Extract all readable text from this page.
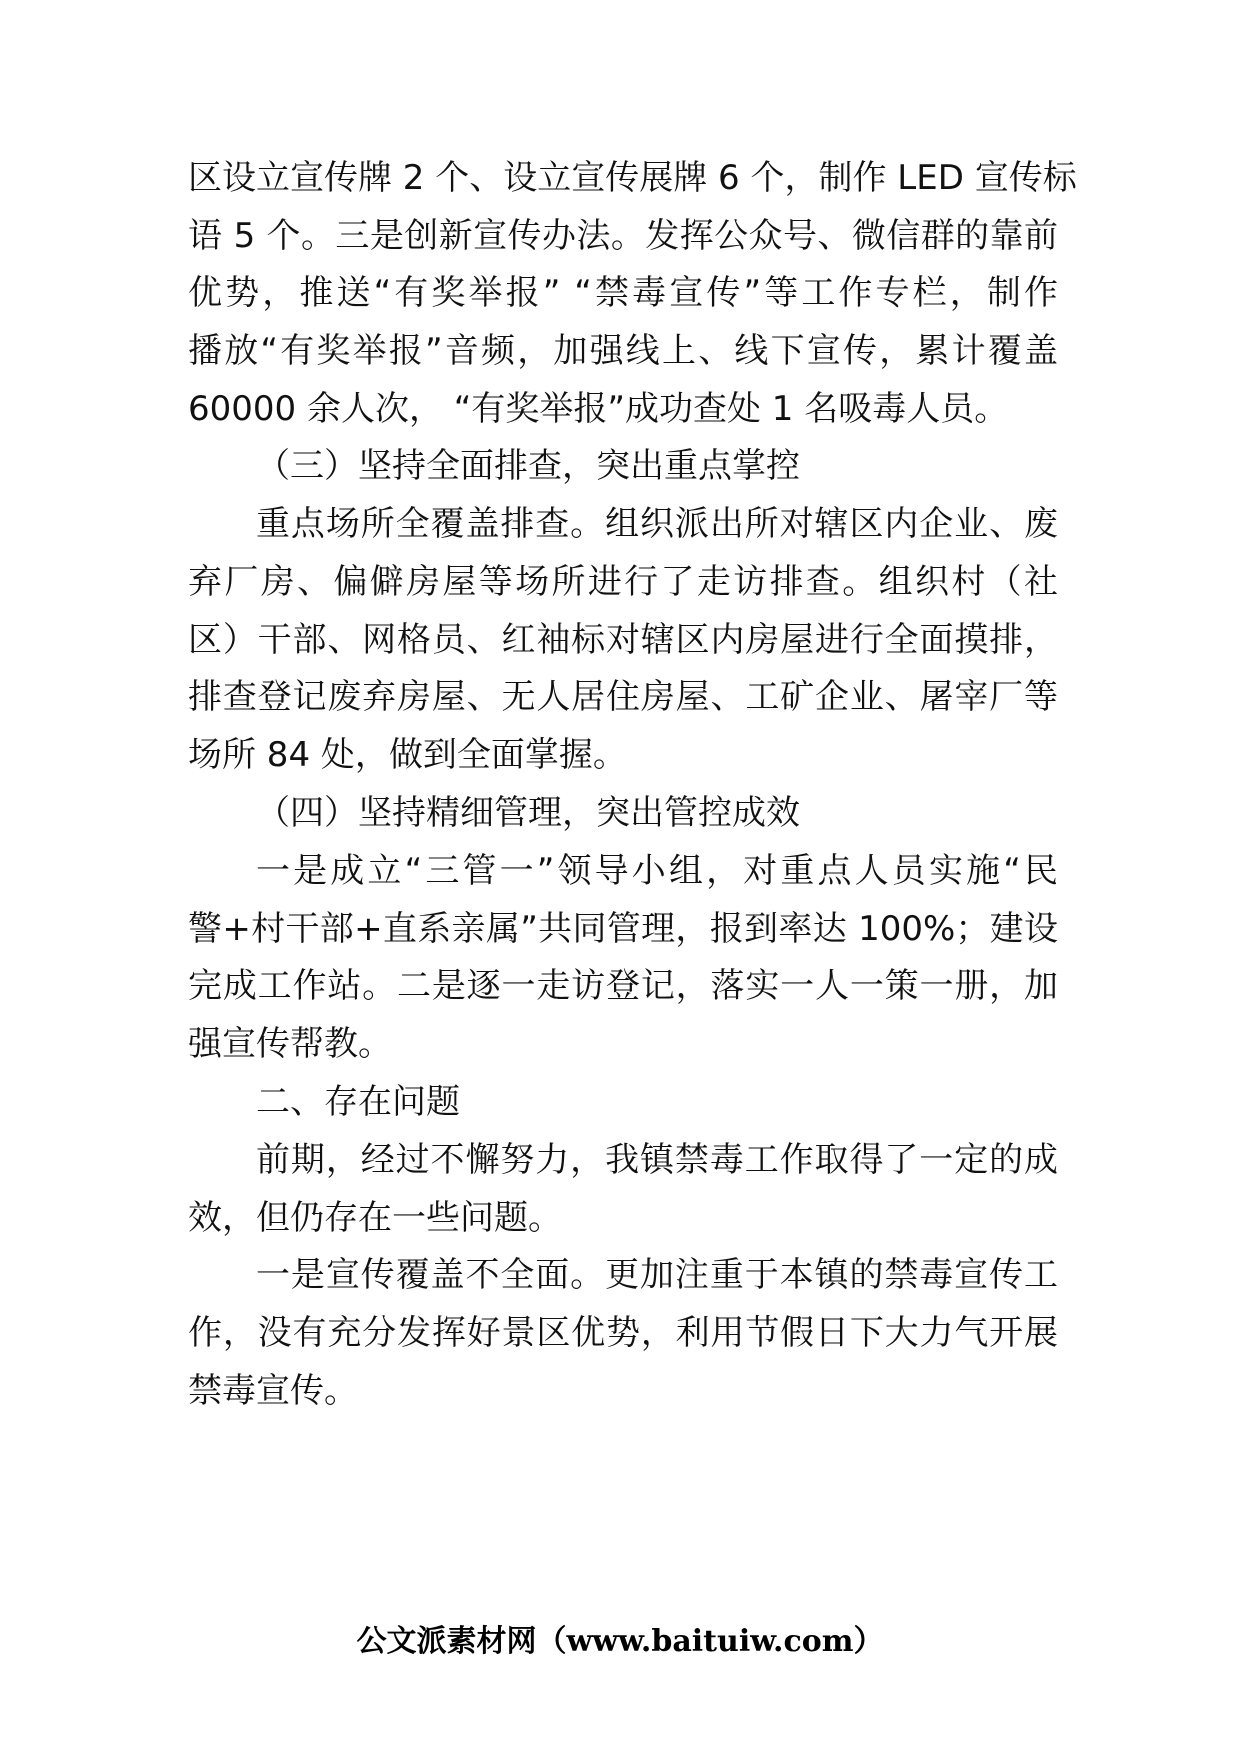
区设立宣传牌 2 个、设立宣传展牌 6 个，制作 LED 宣传标
语 5 个。三是创新宣传办法。发挥公众号、微信群的靠前
优势，推送“有奖举报” “禁毒宣传”等工作专栏，制作
播放“有奖举报”音频，加强线上、线下宣传，累计覆盖
60000 余人次， “有奖举报”成功查处 1 名吸毒人员。
（三）坚持全面排查，突出重点掌控
重点场所全覆盖排查。组织派出所对辖区内企业、废
弃厂房、偏僻房屋等场所进行了走访排查。组织村（社
区）干部、网格员、红袖标对辖区内房屋进行全面摸排，
排查登记废弃房屋、无人居住房屋、工矿企业、屠宰厂等
场所 84 处，做到全面掌握。
（四）坚持精细管理，突出管控成效
一是成立“三管一”领导小组，对重点人员实施“民
警+村干部+直系亲属”共同管理，报到率达 100%；建设
完成工作站。二是逐一走访登记，落实一人一策一册，加
强宣传帮教。
二、存在问题
前期，经过不懈努力，我镇禁毒工作取得了一定的成
效，但仍存在一些问题。
一是宣传覆盖不全面。更加注重于本镇的禁毒宣传工
作，没有充分发挥好景区优势，利用节假日下大力气开展
禁毒宣传。
公文派素材网（www.baituiw.com）
